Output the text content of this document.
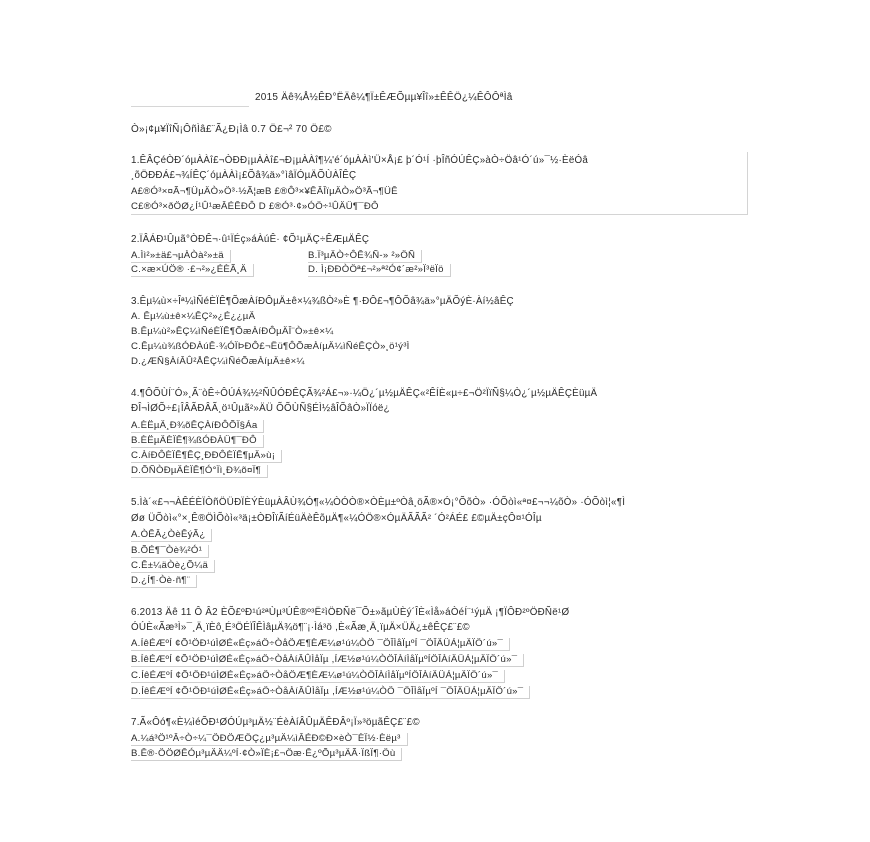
2015 Äê¾Å½ÊÐ°ËÄê¼¶Ï±ÊÆÕµµ¥Îî»±ÊÊÖ¿¼ÊÔÔªÌâ
Ò»¡¢µ¥ÏîÑ¡ÔñÌâ£¨Ã¿Ð¡Ìâ 0.7 Ö£¬² 70 Ö£©
1.ÊÂÇéÒÐ´óµÀÀî£¬ÒÐÐ¡µÀÀî£¬Ð¡µÀÀî¶¼'é´óµÀÀì'Ü×Å¡£ þ´Ó¹Í ·þÎñÓÚÊÇ»àÒ÷Öâ¹Ó´ú»¯½·ÈëÓâ
¸õÖÐÐÁ£¬¾ÍÊÇ´óµÀÀì¡£Õâ¾ä»°ìâÏÓµÄÕÙÀÎÊÇ
A£®Ó³×¤Ã¬¶ÜµÄÒ»Ö³·½Ã¦æB £®Ô³×¥ÊÂÎïµÄÒ»Ö³Ã¬¶ÜÊ
C£®Ó³×ðÖØ¿Í¹Û¹æÂÉÊÐÔ D £®Ó³·¢»ÓÖ÷¹ÛÄÜ¶¯ÐÔ
2.ÏÂÁÐ¹Ûµã°ÒÐÊ¬·û¹ÏÉç»áÀúÊ· ¢Õ¹µÄÇ÷ÊÆµÄÊÇ
A.Ìì²»±ä£¬µÀÒà²»±ä	B.Ï³µÄÒ÷ÔÊ¾Ñ-» ²»ÖÑ
C.×æ×ÚÖ® ·£¬²»¿ÉÈÃ¸Ä	D. Ì¡ÐÐÒÖª£¬²»ª²Ó¢´æ²»Ï³ëÏö
3.Êµ¼ù×÷Îª¼ìÑéÈÏÊ¶ÕæÀíÐÔµÄ±ê×¼¾ßÒ²»È ¶·ÐÔ£¬¶ÔÕâ¾ä»°µÄÕýÈ·Àí½âÊÇ
A. Êµ¼ù±ê×¼ÊÇ²»¿É¿¿µÄ
B.Êµ¼ù²»ÊÇ¼ìÑéÈÏÊ¶ÕæÀíÐÔµÄÎ¨Ò»±ê×¼
C.Êµ¼ù¾ßÓÐÀúÊ·¾ÓÏÞÐÔ£¬Ëü¶ÔÕæÀíµÄ¼ìÑéÊÇÒ»¸ö¹ý³Ì
D.¿ÆÑ§ÀíÂÛ²ÅÊÇ¼ìÑéÕæÀíµÄ±ê×¼
4.¶ÔÕÙÍ¨Ó»¸Ã¨òÊ÷ÔÚÁ¾½²ÑÛÓÐÊÇÃ¾²Á£¬»·¼Ö¿´µ½µÄÊÇ«²ÊÍÈ«µ÷£¬Ö²ÏïÑ§¼Ò¿´µ½µÄÊÇÈüµÄ
ÐÎ¬ÌØÕ÷£¡ÎÂÃÐÂÃ¸ö¹Ûµã²»ÄÜ ÕÕÙÑ§ÉÌ½âÎÕâÒ»ÏÏóë¿
A.ÈËµÄ¸Ð¾õÊÇÀíÐÔÕÏ§Áa
B.ÈËµÄÈÏÊ¶¾ßÓÐÀÜ¶¯ÐÔ
C.ÀíÐÔÈÏÊ¶ÊÇ¸ÐÐÔÈÏÊ¶µÄ»ù¡
D.ÕÑÒÐµÄÈÏÊ¶Ó°Ïì¸Ð¾õ¤Ï¶
5.Ìà´«£¬¬ÀÊÉÈÏÒñÖÜÐÏÈÝÈüµÀÂÙ¾Ó¶«¼ÒÓÒ®×ÒÈµ±ºÒâ¸öÃ®×Ó¡°ÕõÒ» ·ÓÕòì«ª¤£¬¬¼õÒ» ·ÓÕòì¦«¶Ì
Øø ÜÕòì«°×¸Ê®ÖÌÕòì«³ä¡±ÒÐÎïÃíÉüÄèÊõµÄ¶«¼ÓÖ®×ÓµÄÃÃÃ² ´Ó²ÁÉ£ £©µÄ±çÔ¤¹ÓÎµ
A.ÒÊÂ¿ÒèÊýÃ¿
B.ÕÉ¶¯Òè¾²Ó¹
C.Ê±¼äÒè¿Õ¼ä
D.¿Í¶·Òè·ñ¶¨
6.2013 Äê 11 Ô Â2 ÈÕ£ºÐ¹ú²ªÙµ³ÚÊ®º³Ë²ìÖÐÑë¯Õ±»ãµÙÈý´ÎÈ«Ìå»áÒéÍ¨¹ýµÄ ¡¶ÏÔÐ²ºÖÐÑë¹Ø
ÓÚÈ«Ãæ³Ì»¯¸Ä¸ïÈô¸É³ÖÉÏÎÊÌâµÄ¾ö¶¨¡·Ìá³ö ,È«Ãæ¸Ä¸ïµÄ×ÜÄ¿±êÊÇ£¨£©
A.ÍêÉÆºÍ ¢Õ¹ÖÐ¹úÌØÉ«Éç»áÖ÷ÒåÖÆ¶ÈÆ¼ø¹ú¼ÒÖ ¯ÖÎÌåÏµºÍ ¯ÖÎÄÜÁ¦µÄÏÖ´ú»¯
B.ÍêÉÆºÍ ¢Õ¹ÖÐ¹úÌØÉ«Éç»áÖ÷ÒåÀíÂÛÌåÏµ ,ÍÆ½ø¹ú¼ÒÖÎÀíÌåÏµºÍÖÎÀíÄÜÁ¦µÄÏÖ´ú»¯
C.ÍêÉÆºÍ ¢Õ¹ÖÐ¹úÌØÉ«Éç»áÖ÷ÒåÖÆ¶ÈÆ¼ø¹ú¼ÒÖÎÀíÌåÏµºÍÖÎÀíÄÜÁ¦µÄÏÖ´ú»¯
D.ÍêÉÆºÍ ¢Õ¹ÖÐ¹úÌØÉ«Éç»áÖ÷ÒåÀíÂÛÌåÏµ ,ÍÆ½ø¹ú¼ÒÖ ¯ÖÎÌåÏµºÍ ¯ÖÎÄÜÁ¦µÄÏÖ´ú»¯
7.Ã«Ôó¶«È¼ìéÕÐ¹ØÓÚµ³µÄ½¨ÉèÀíÂÛµÄÊÐÂº¡Ï»³öµãÊÇ£¨£©
A.¼á³Ö¹ºÂ÷Ò÷¼¯ÖÐÖÆÖÇ¿µ³µÄ¼ìÂÉÐ©Ð×èÒ¯ÈÏ½·Èëµ³
B.Ê®·ÖÖØÊÓµ³µÄÄ¼ºÍ·¢Ò»ÏÈ¡£¬Öæ·Ê¿ºÕµ³µÄÃ·ÏßÏ¶·Öù
